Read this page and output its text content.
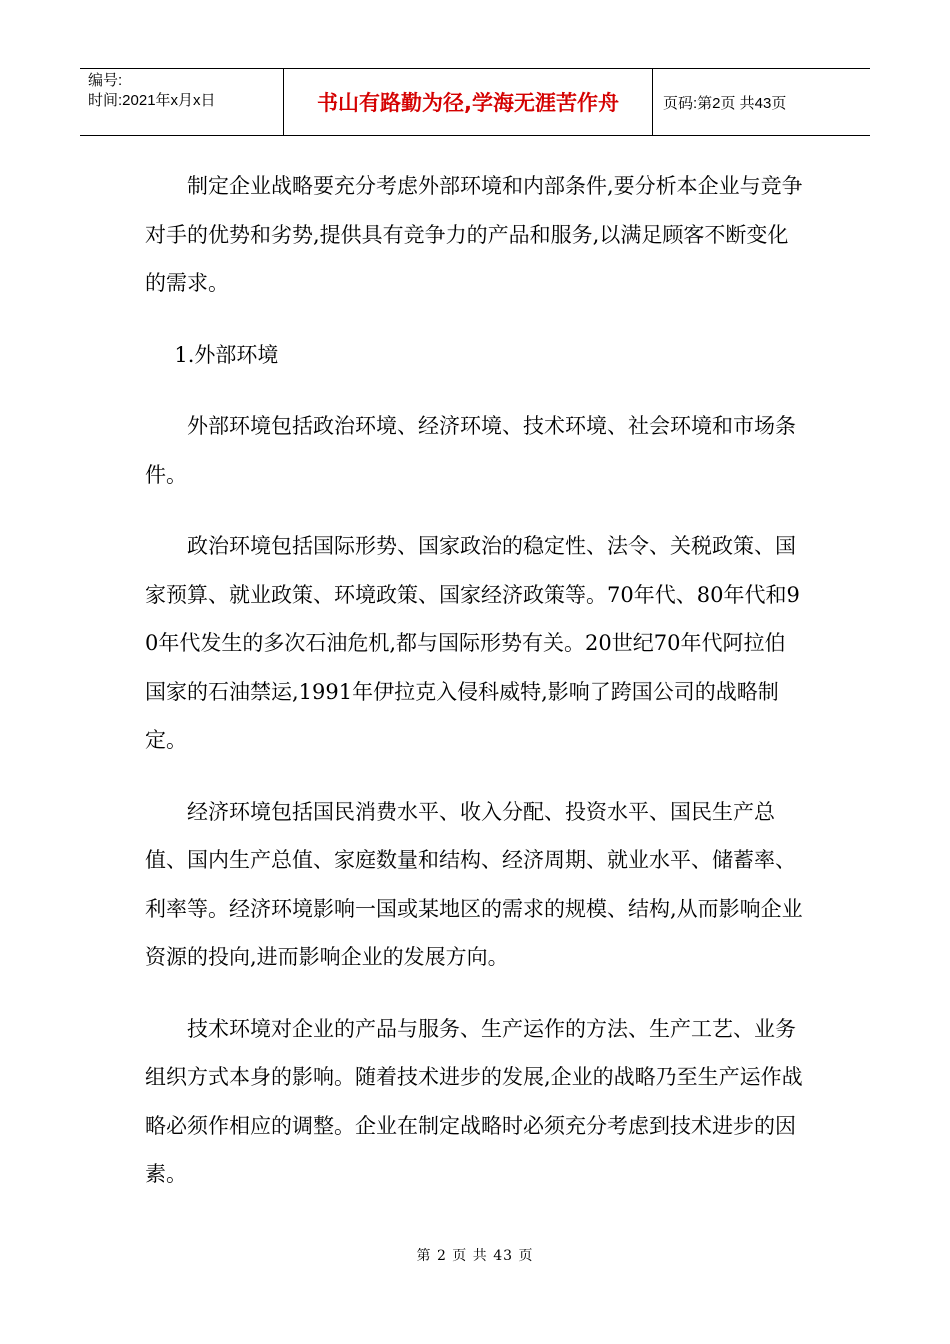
编号:
时间:2021年x月x日	书山有路勤为径,学海无涯苦作舟	页码:第2页 共43页

制定企业战略要充分考虑外部环境和内部条件,要分析本企业与竞争对手的优势和劣势,提供具有竞争力的产品和服务,以满足顾客不断变化的需求。

1.外部环境

外部环境包括政治环境、经济环境、技术环境、社会环境和市场条件。

政治环境包括国际形势、国家政治的稳定性、法令、关税政策、国家预算、就业政策、环境政策、国家经济政策等。70年代、80年代和90年代发生的多次石油危机,都与国际形势有关。20世纪70年代阿拉伯国家的石油禁运,1991年伊拉克入侵科威特,影响了跨国公司的战略制定。

经济环境包括国民消费水平、收入分配、投资水平、国民生产总值、国内生产总值、家庭数量和结构、经济周期、就业水平、储蓄率、利率等。经济环境影响一国或某地区的需求的规模、结构,从而影响企业资源的投向,进而影响企业的发展方向。

技术环境对企业的产品与服务、生产运作的方法、生产工艺、业务组织方式本身的影响。随着技术进步的发展,企业的战略乃至生产运作战略必须作相应的调整。企业在制定战略时必须充分考虑到技术进步的因素。

第 2 页 共 43 页
